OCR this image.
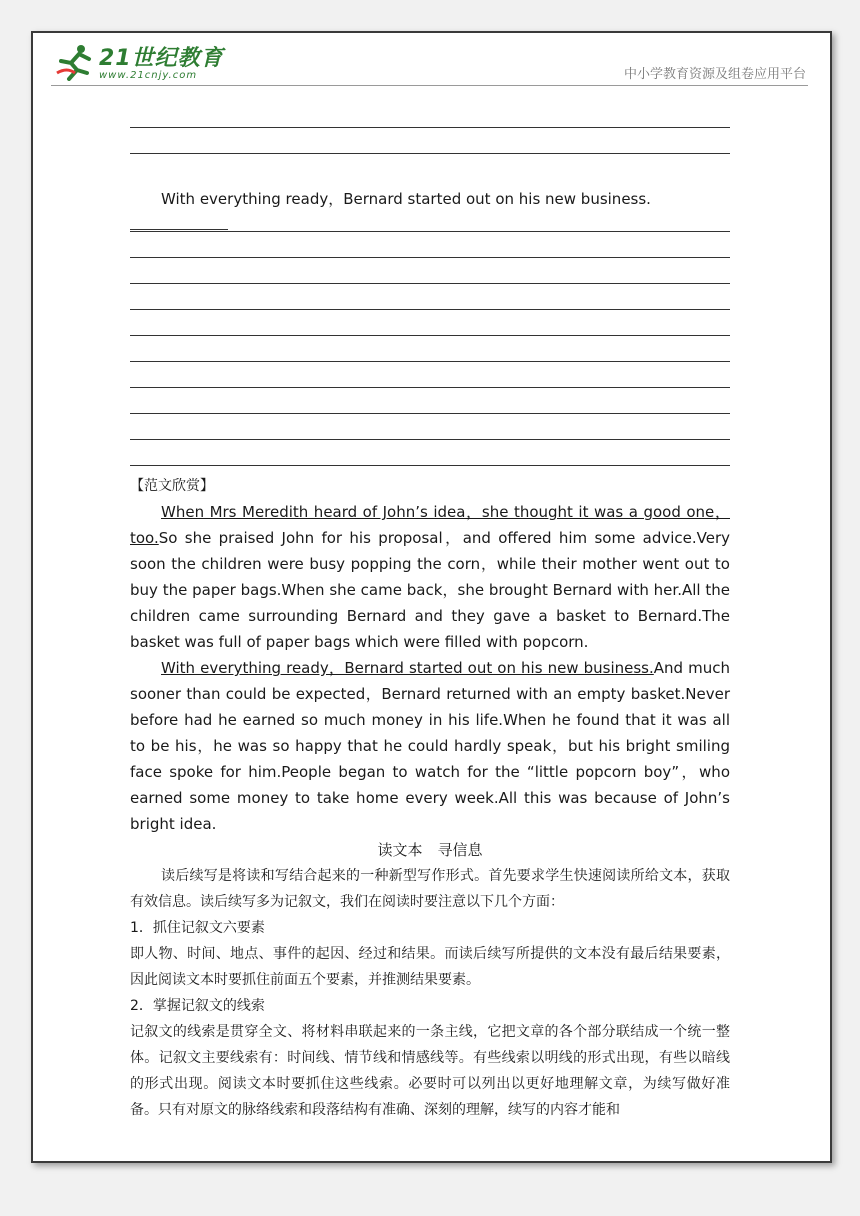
21世纪教育
www.21cnjy.com	中小学教育资源及组卷应用平台
With everything ready，Bernard started out on his new business.
【范文欣赏】
When Mrs Meredith heard of John’s idea，she thought it was a good one，too.So she praised John for his proposal，and offered him some advice.Very soon the children were busy popping the corn，while their mother went out to buy the paper bags.When she came back，she brought Bernard with her.All the children came surrounding Bernard and they gave a basket to Bernard.The basket was full of paper bags which were filled with popcorn.
With everything ready，Bernard started out on his new business.And much sooner than could be expected，Bernard returned with an empty basket.Never before had he earned so much money in his life.When he found that it was all to be his，he was so happy that he could hardly speak，but his bright smiling face spoke for him.People began to watch for the “little popcorn boy”，who earned some money to take home every week.All this was because of John’s bright idea.
读文本　寻信息
读后续写是将读和写结合起来的一种新型写作形式。首先要求学生快速阅读所给文本，获取有效信息。读后续写多为记叙文，我们在阅读时要注意以下几个方面：
1．抓住记叙文六要素
即人物、时间、地点、事件的起因、经过和结果。而读后续写所提供的文本没有最后结果要素，因此阅读文本时要抓住前面五个要素，并推测结果要素。
2．掌握记叙文的线索
记叙文的线索是贯穿全文、将材料串联起来的一条主线，它把文章的各个部分联结成一个统一整体。记叙文主要线索有：时间线、情节线和情感线等。有些线索以明线的形式出现，有些以暗线的形式出现。阅读文本时要抓住这些线索。必要时可以列出以更好地理解文章，为续写做好准备。只有对原文的脉络线索和段落结构有准确、深刻的理解，续写的内容才能和
